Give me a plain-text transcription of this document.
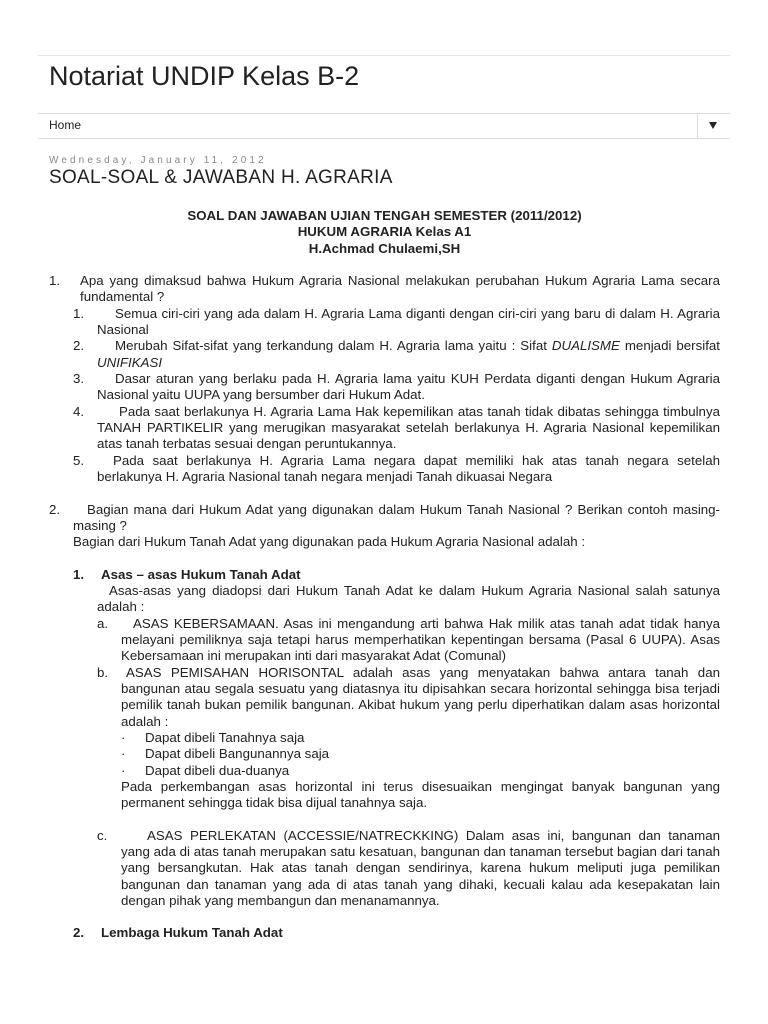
Notariat UNDIP Kelas B-2
Home
Wednesday, January 11, 2012
SOAL-SOAL & JAWABAN H. AGRARIA

SOAL DAN JAWABAN UJIAN TENGAH SEMESTER (2011/2012)

HUKUM AGRARIA Kelas A1

H.Achmad Chulaemi,SH

1.	Apa yang dimaksud bahwa Hukum Agraria Nasional melakukan perubahan Hukum Agraria Lama secara fundamental ?
1.	Semua ciri-ciri yang ada dalam H. Agraria Lama diganti dengan ciri-ciri yang baru di dalam H. Agraria Nasional
2.	Merubah Sifat-sifat yang terkandung dalam H. Agraria lama yaitu : Sifat DUALISME menjadi bersifat UNIFIKASI
3.	Dasar aturan yang berlaku pada H. Agraria lama yaitu KUH Perdata diganti dengan Hukum Agraria Nasional yaitu UUPA yang bersumber dari Hukum Adat.
4.	Pada saat berlakunya H. Agraria Lama Hak kepemilikan atas tanah tidak dibatas sehingga timbulnya TANAH PARTIKELIR yang merugikan masyarakat setelah berlakunya H. Agraria Nasional kepemilikan atas tanah terbatas sesuai dengan peruntukannya.
5.	Pada saat berlakunya H. Agraria Lama negara dapat memiliki hak atas tanah negara setelah berlakunya H. Agraria Nasional tanah negara menjadi Tanah dikuasai Negara
2.	Bagian mana dari Hukum Adat yang digunakan dalam Hukum Tanah Nasional ? Berikan contoh masing-masing ?

Bagian dari Hukum Tanah Adat yang digunakan pada Hukum Agraria Nasional adalah :

1.	Asas – asas Hukum Tanah Adat

Asas-asas yang diadopsi dari Hukum Tanah Adat ke dalam Hukum Agraria Nasional salah satunya adalah :

a.	ASAS KEBERSAMAAN. Asas ini mengandung arti bahwa Hak milik atas tanah adat tidak hanya melayani pemiliknya saja tetapi harus memperhatikan kepentingan bersama (Pasal 6 UUPA). Asas Kebersamaan ini merupakan inti dari masyarakat Adat (Comunal)
b.	ASAS PEMISAHAN HORISONTAL adalah asas yang menyatakan bahwa antara tanah dan bangunan atau segala sesuatu yang diatasnya itu dipisahkan secara horizontal sehingga bisa terjadi pemilik tanah bukan pemilik bangunan. Akibat hukum yang perlu diperhatikan dalam asas horizontal adalah :
·	Dapat dibeli Tanahnya saja
·	Dapat dibeli Bangunannya saja
·	Dapat dibeli dua-duanya

Pada perkembangan asas horizontal ini terus disesuaikan mengingat banyak bangunan yang permanent sehingga tidak bisa dijual tanahnya saja.

c.	ASAS PERLEKATAN (ACCESSIE/NATRECKKING) Dalam asas ini, bangunan dan tanaman yang ada di atas tanah merupakan satu kesatuan, bangunan dan tanaman tersebut bagian dari tanah yang bersangkutan. Hak atas tanah dengan sendirinya, karena hukum meliputi juga pemilikan bangunan dan tanaman yang ada di atas tanah yang dihaki, kecuali kalau ada kesepakatan lain dengan pihak yang membangun dan menanamannya.
2.	Lembaga Hukum Tanah Adat
